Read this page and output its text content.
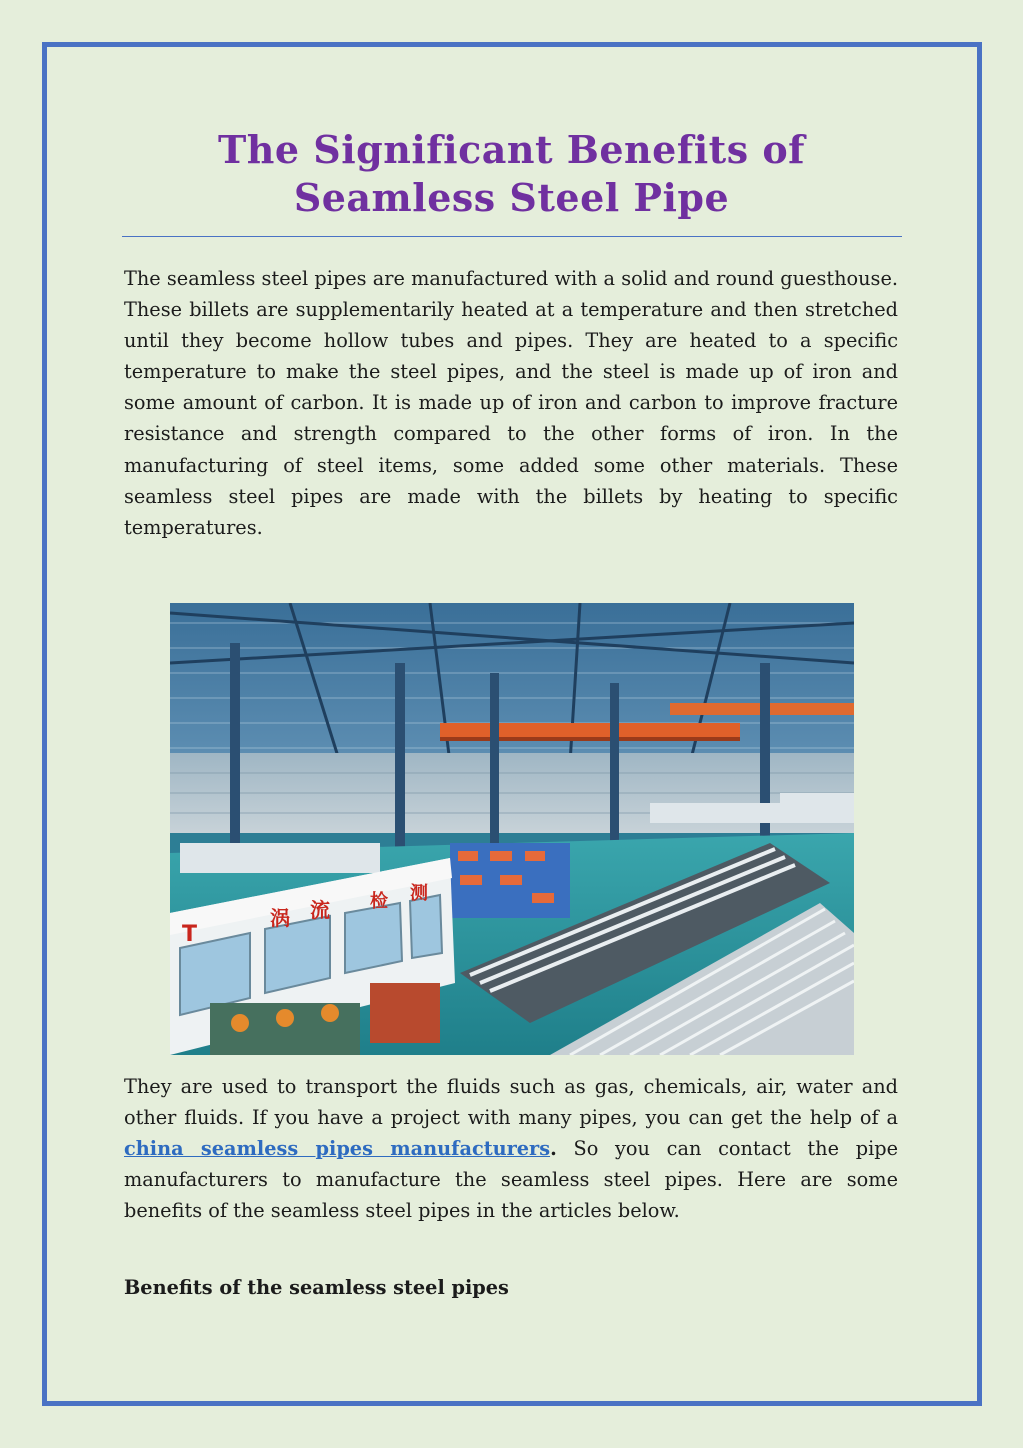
The Significant Benefits of
Seamless Steel Pipe

The seamless steel pipes are manufactured with a solid and round guesthouse. These billets are supplementarily heated at a temperature and then stretched until they become hollow tubes and pipes. They are heated to a specific temperature to make the steel pipes, and the steel is made up of iron and some amount of carbon. It is made up of iron and carbon to improve fracture resistance and strength compared to the other forms of iron. In the manufacturing of steel items, some added some other materials. These seamless steel pipes are made with the billets by heating to specific temperatures.

T
涡 流 检 测

They are used to transport the fluids such as gas, chemicals, air, water and other fluids. If you have a project with many pipes, you can get the help of a china seamless pipes manufacturers. So you can contact the pipe manufacturers to manufacture the seamless steel pipes. Here are some benefits of the seamless steel pipes in the articles below.

Benefits of the seamless steel pipes
